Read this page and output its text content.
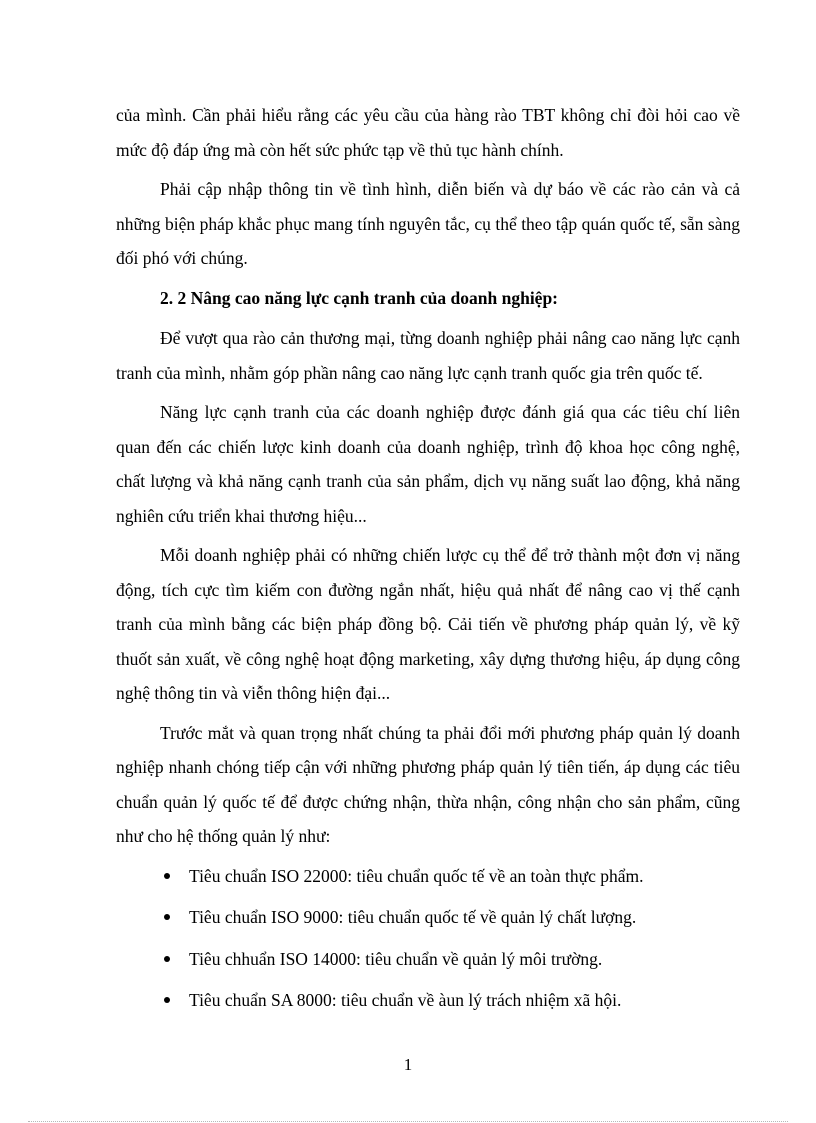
của mình. Cần phải hiểu rằng các yêu cầu của hàng rào TBT không chỉ đòi hỏi cao về mức độ đáp ứng mà còn hết sức phức tạp về thủ tục hành chính.

Phải cập nhập thông tin về tình hình, diễn biến và dự báo về các rào cản và cả những biện pháp khắc phục mang tính nguyên tắc, cụ thể theo tập quán quốc tế, sẵn sàng đối phó với chúng.

2. 2 Nâng cao năng lực cạnh tranh của doanh nghiệp:

Để vượt qua rào cản thương mại, từng doanh nghiệp phải nâng cao năng lực cạnh tranh của mình, nhằm góp phần nâng cao năng lực cạnh tranh quốc gia trên quốc tế.

Năng lực cạnh tranh của các doanh nghiệp được đánh giá qua các tiêu chí liên quan đến các chiến lược kinh doanh của doanh nghiệp, trình độ khoa học công nghệ, chất lượng và khả năng cạnh tranh của sản phẩm, dịch vụ năng suất lao động, khả năng nghiên cứu triển khai thương hiệu...

Mỗi doanh nghiệp phải có những chiến lược cụ thể để trở thành một đơn vị năng động, tích cực tìm kiếm con đường ngắn nhất, hiệu quả nhất để nâng cao vị thế cạnh tranh của mình bằng các biện pháp đồng bộ. Cải tiến về phương pháp quản lý, về kỹ thuốt sản xuất, về công nghệ hoạt động marketing, xây dựng thương hiệu, áp dụng công nghệ thông tin và viễn thông hiện đại...

Trước mắt và quan trọng nhất chúng ta phải đổi mới phương pháp quản lý doanh nghiệp nhanh chóng tiếp cận với những phương pháp quản lý tiên tiến, áp dụng các tiêu chuẩn quản lý quốc tế để được chứng nhận, thừa nhận, công nhận cho sản phẩm, cũng như cho hệ thống quản lý như:

Tiêu chuẩn ISO 22000: tiêu chuẩn quốc tế về an toàn thực phẩm.
Tiêu chuẩn ISO 9000: tiêu chuẩn quốc tế về quản lý chất lượng.
Tiêu chhuẩn ISO 14000: tiêu chuẩn về quản lý môi trường.
Tiêu chuẩn SA 8000: tiêu chuẩn về àun lý trách nhiệm xã hội.
1
